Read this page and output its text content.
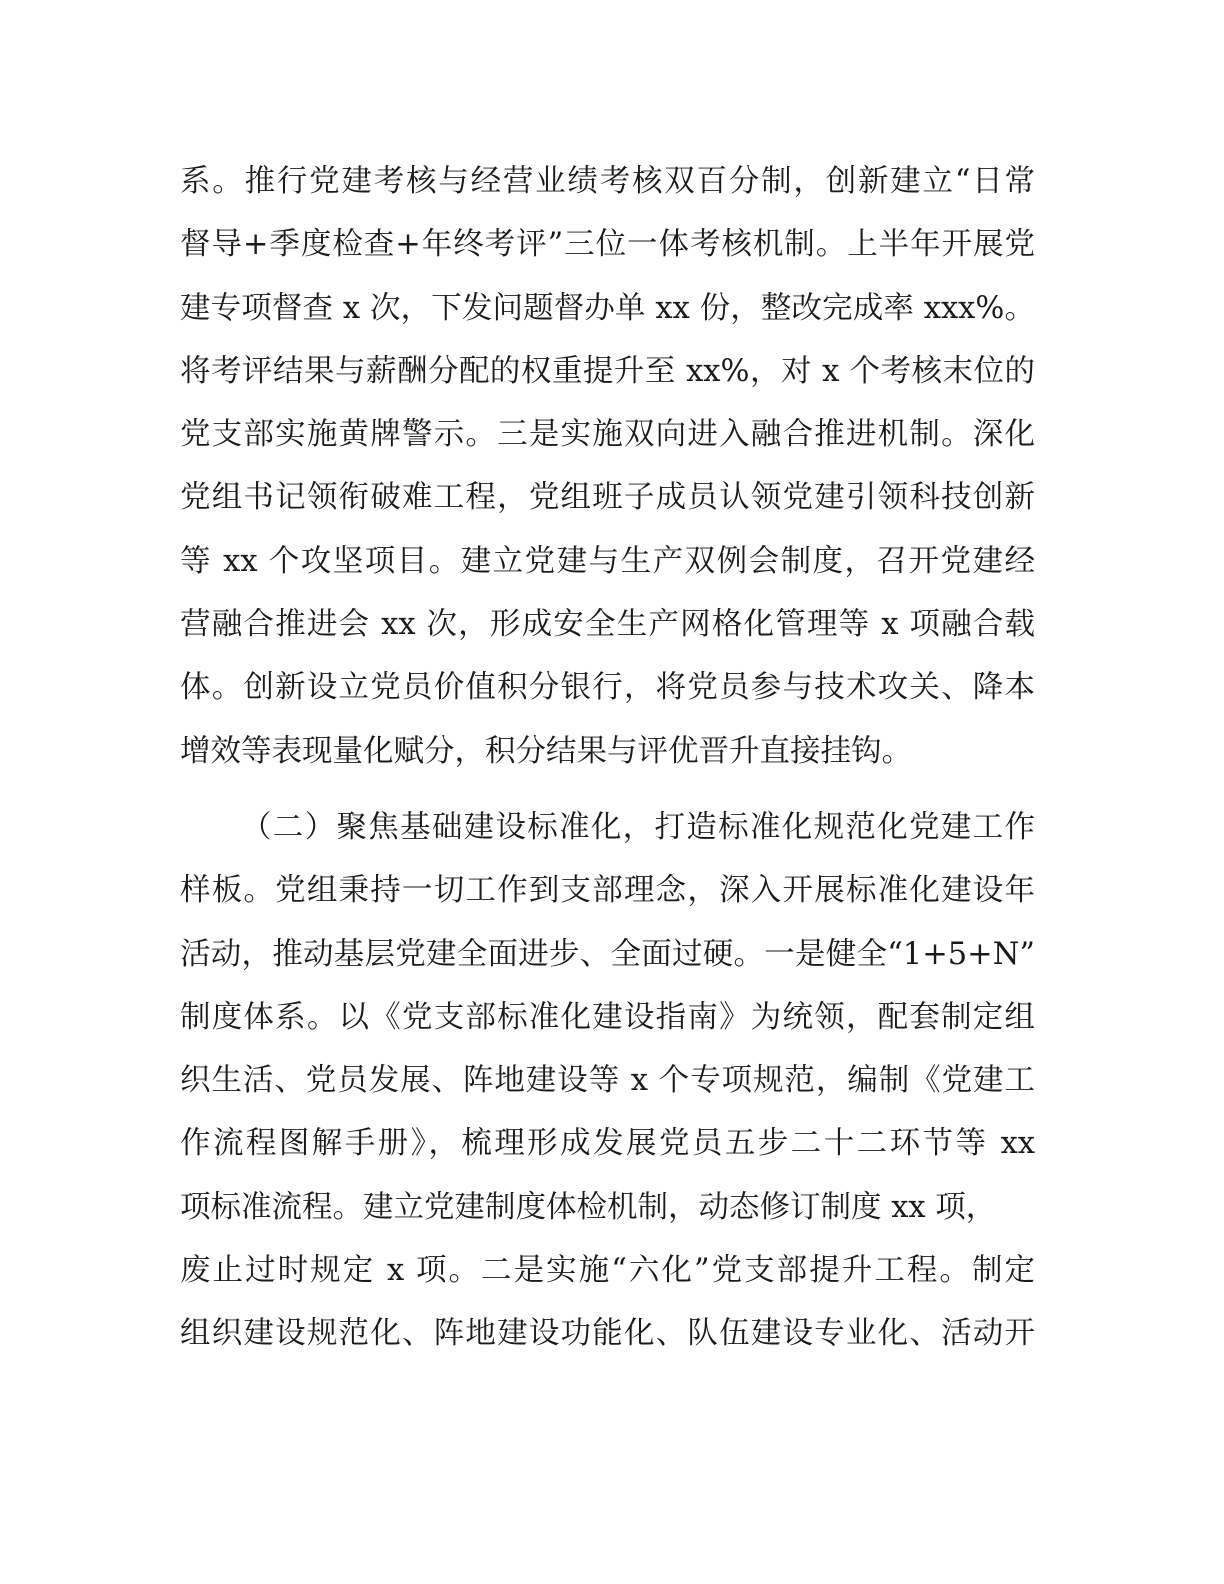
系。推行党建考核与经营业绩考核双百分制，创新建立“日常
督导+季度检查+年终考评”三位一体考核机制。上半年开展党
建专项督查 x 次，下发问题督办单 xx 份，整改完成率 xxx%。
将考评结果与薪酬分配的权重提升至 xx%，对 x 个考核末位的
党支部实施黄牌警示。三是实施双向进入融合推进机制。深化
党组书记领衔破难工程，党组班子成员认领党建引领科技创新
等 xx 个攻坚项目。建立党建与生产双例会制度，召开党建经
营融合推进会 xx 次，形成安全生产网格化管理等 x 项融合载
体。创新设立党员价值积分银行，将党员参与技术攻关、降本
增效等表现量化赋分，积分结果与评优晋升直接挂钩。
（二）聚焦基础建设标准化，打造标准化规范化党建工作
样板。党组秉持一切工作到支部理念，深入开展标准化建设年
活动，推动基层党建全面进步、全面过硬。一是健全“1+5+N”
制度体系。以《党支部标准化建设指南》为统领，配套制定组
织生活、党员发展、阵地建设等 x 个专项规范，编制《党建工
作流程图解手册》，梳理形成发展党员五步二十二环节等 xx
项标准流程。建立党建制度体检机制，动态修订制度 xx 项，
废止过时规定 x 项。二是实施“六化”党支部提升工程。制定
组织建设规范化、阵地建设功能化、队伍建设专业化、活动开
